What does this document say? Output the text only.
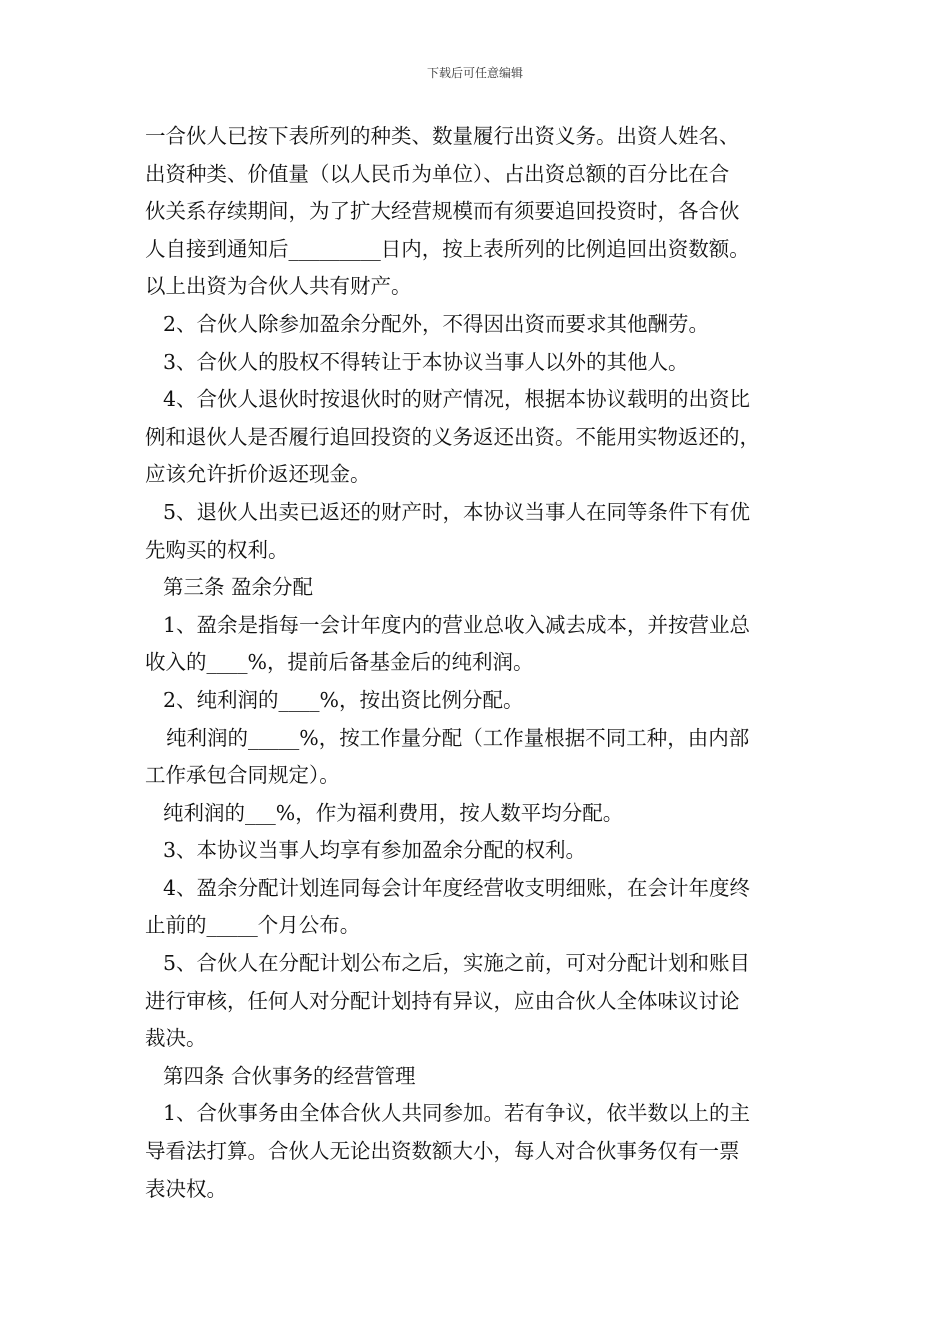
下载后可任意编辑
一合伙人已按下表所列的种类、数量履行出资义务。出资人姓名、
出资种类、价值量（以人民币为单位）、占出资总额的百分比在合
伙关系存续期间，为了扩大经营规模而有须要追回投资时，各合伙
人自接到通知后_________日内，按上表所列的比例追回出资数额。
以上出资为合伙人共有财产。
2、合伙人除参加盈余分配外，不得因出资而要求其他酬劳。
3、合伙人的股权不得转让于本协议当事人以外的其他人。
4、合伙人退伙时按退伙时的财产情况，根据本协议载明的出资比
例和退伙人是否履行追回投资的义务返还出资。不能用实物返还的，
应该允许折价返还现金。
5、退伙人出卖已返还的财产时，本协议当事人在同等条件下有优
先购买的权利。
第三条 盈余分配
1、盈余是指每一会计年度内的营业总收入减去成本，并按营业总
收入的____%，提前后备基金后的纯利润。
2、纯利润的____%，按出资比例分配。
纯利润的_____%，按工作量分配（工作量根据不同工种，由内部
工作承包合同规定）。
纯利润的___%，作为福利费用，按人数平均分配。
3、本协议当事人均享有参加盈余分配的权利。
4、盈余分配计划连同每会计年度经营收支明细账，在会计年度终
止前的_____个月公布。
5、合伙人在分配计划公布之后，实施之前，可对分配计划和账目
进行审核，任何人对分配计划持有异议，应由合伙人全体味议讨论
裁决。
第四条 合伙事务的经营管理
1、合伙事务由全体合伙人共同参加。若有争议，依半数以上的主
导看法打算。合伙人无论出资数额大小，每人对合伙事务仅有一票
表决权。
